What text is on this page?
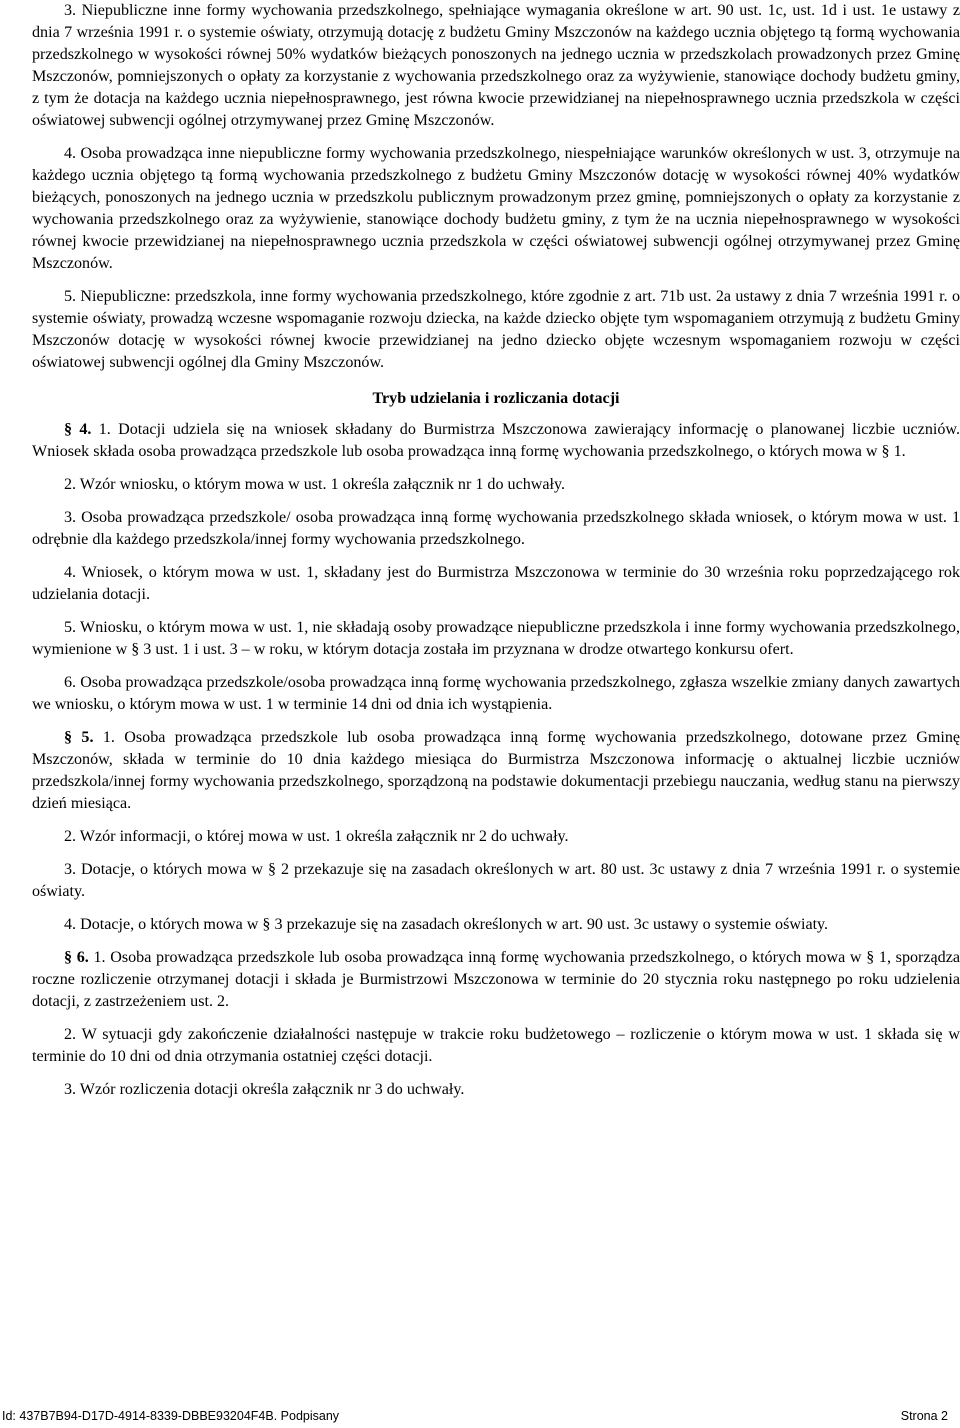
3. Niepubliczne inne formy wychowania przedszkolnego, spełniające wymagania określone w art. 90 ust. 1c, ust. 1d i ust. 1e ustawy z dnia 7 września 1991 r. o systemie oświaty, otrzymują dotację z budżetu Gminy Mszczonów na każdego ucznia objętego tą formą wychowania przedszkolnego w wysokości równej 50% wydatków bieżących ponoszonych na jednego ucznia w przedszkolach prowadzonych przez Gminę Mszczonów, pomniejszonych o opłaty za korzystanie z wychowania przedszkolnego oraz za wyżywienie, stanowiące dochody budżetu gminy, z tym że dotacja na każdego ucznia niepełnosprawnego, jest równa kwocie przewidzianej na niepełnosprawnego ucznia przedszkola w części oświatowej subwencji ogólnej otrzymywanej przez Gminę Mszczonów.

4. Osoba prowadząca inne niepubliczne formy wychowania przedszkolnego, niespełniające warunków określonych w ust. 3, otrzymuje na każdego ucznia objętego tą formą wychowania przedszkolnego z budżetu Gminy Mszczonów dotację w wysokości równej 40% wydatków bieżących, ponoszonych na jednego ucznia w przedszkolu publicznym prowadzonym przez gminę, pomniejszonych o opłaty za korzystanie z wychowania przedszkolnego oraz za wyżywienie, stanowiące dochody budżetu gminy, z tym że na ucznia niepełnosprawnego w wysokości równej kwocie przewidzianej na niepełnosprawnego ucznia przedszkola w części oświatowej subwencji ogólnej otrzymywanej przez Gminę Mszczonów.

5. Niepubliczne: przedszkola, inne formy wychowania przedszkolnego, które zgodnie z art. 71b ust. 2a ustawy z dnia 7 września 1991 r. o systemie oświaty, prowadzą wczesne wspomaganie rozwoju dziecka, na każde dziecko objęte tym wspomaganiem otrzymują z budżetu Gminy Mszczonów dotację w wysokości równej kwocie przewidzianej na jedno dziecko objęte wczesnym wspomaganiem rozwoju w części oświatowej subwencji ogólnej dla Gminy Mszczonów.

Tryb udzielania i rozliczania dotacji

§ 4. 1. Dotacji udziela się na wniosek składany do Burmistrza Mszczonowa zawierający informację o planowanej liczbie uczniów. Wniosek składa osoba prowadząca przedszkole lub osoba prowadząca inną formę wychowania przedszkolnego, o których mowa w § 1.

2. Wzór wniosku, o którym mowa w ust. 1 określa załącznik nr 1 do uchwały.

3. Osoba prowadząca przedszkole/ osoba prowadząca inną formę wychowania przedszkolnego składa wniosek, o którym mowa w ust. 1 odrębnie dla każdego przedszkola/innej formy wychowania przedszkolnego.

4. Wniosek, o którym mowa w ust. 1, składany jest do Burmistrza Mszczonowa w terminie do 30 września roku poprzedzającego rok udzielania dotacji.

5. Wniosku, o którym mowa w ust. 1, nie składają osoby prowadzące niepubliczne przedszkola i inne formy wychowania przedszkolnego, wymienione w § 3 ust. 1 i ust. 3 – w roku, w którym dotacja została im przyznana w drodze otwartego konkursu ofert.

6. Osoba prowadząca przedszkole/osoba prowadząca inną formę wychowania przedszkolnego, zgłasza wszelkie zmiany danych zawartych we wniosku, o którym mowa w ust. 1 w terminie 14 dni od dnia ich wystąpienia.

§ 5. 1. Osoba prowadząca przedszkole lub osoba prowadząca inną formę wychowania przedszkolnego, dotowane przez Gminę Mszczonów, składa w terminie do 10 dnia każdego miesiąca do Burmistrza Mszczonowa informację o aktualnej liczbie uczniów przedszkola/innej formy wychowania przedszkolnego, sporządzoną na podstawie dokumentacji przebiegu nauczania, według stanu na pierwszy dzień miesiąca.

2. Wzór informacji, o której mowa w ust. 1 określa załącznik nr 2 do uchwały.

3. Dotacje, o których mowa w § 2 przekazuje się na zasadach określonych w art. 80 ust. 3c ustawy z dnia 7 września 1991 r. o systemie oświaty.

4. Dotacje, o których mowa w § 3 przekazuje się na zasadach określonych w art. 90 ust. 3c ustawy o systemie oświaty.

§ 6. 1. Osoba prowadząca przedszkole lub osoba prowadząca inną formę wychowania przedszkolnego, o których mowa w § 1, sporządza roczne rozliczenie otrzymanej dotacji i składa je Burmistrzowi Mszczonowa w terminie do 20 stycznia roku następnego po roku udzielenia dotacji, z zastrzeżeniem ust. 2.

2. W sytuacji gdy zakończenie działalności następuje w trakcie roku budżetowego – rozliczenie o którym mowa w ust. 1 składa się w terminie do 10 dni od dnia otrzymania ostatniej części dotacji.

3. Wzór rozliczenia dotacji określa załącznik nr 3 do uchwały.

Id: 437B7B94-D17D-4914-8339-DBBE93204F4B. Podpisany	Strona 2
